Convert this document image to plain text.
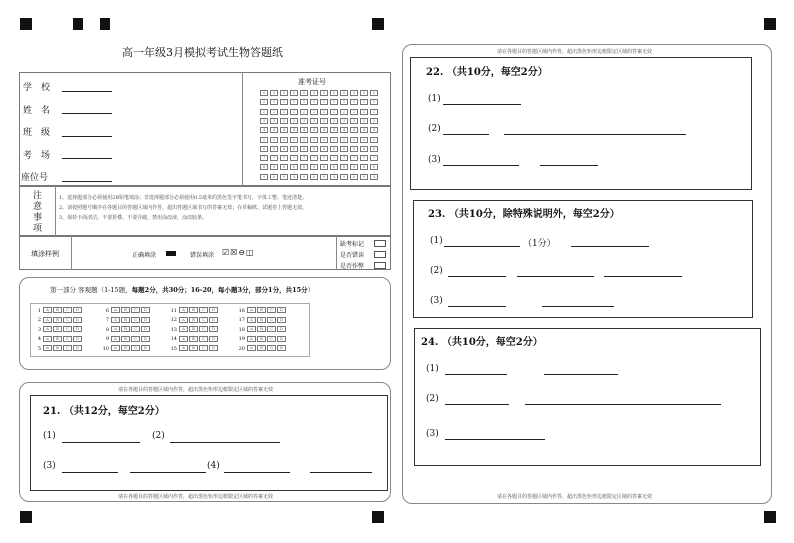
高一年级3月模拟考试生物答题纸
学　校
姓　名
班　级
考　场
座位号
准考证号
0	0	0	0	0	0	0	0	0	0	0	0
1	1	1	1	1	1	1	1	1	1	1	1
2	2	2	2	2	2	2	2	2	2	2	2
3	3	3	3	3	3	3	3	3	3	3	3
4	4	4	4	4	4	4	4	4	4	4	4
5	5	5	5	5	5	5	5	5	5	5	5
6	6	6	6	6	6	6	6	6	6	6	6
7	7	7	7	7	7	7	7	7	7	7	7
8	8	8	8	8	8	8	8	8	8	8	8
9	9	9	9	9	9	9	9	9	9	9	9
注
意
事
项
1、选择题部分必须使用2B铅笔填涂；非选择题部分必须使用0.5毫米的黑色签字笔书写，字体工整、笔迹清楚。
2、请按照题号顺序在各题目的答题区域内作答，超出答题区域书写的答案无效；在草稿纸、试题卷上答题无效。
3、保持卡面清洁，不要折叠、不要弄破，禁用涂改液，涂改胶条。
填涂样例	正确填涂	错误填涂 ☑☒⊖◫
缺考标记
是否错读
是否作弊
第一部分 客观题（1-15题，每题2分，共30分；16-20，每小题3分，部分1分，共15分）
1 A B C D
2 A B C D
3 A B C D
4 A B C D
5 A B C D
6 A B C D
7 A B C D
8 A B C D
9 A B C D
10 A B C D
11 A B C D
12 A B C D
13 A B C D
14 A B C D
15 A B C D
16 A B C D
17 A B C D
18 A B C D
19 A B C D
20 A B C D
请在各题目的答题区域内作答，超出黑色矩形边框限定区域的答案无效
21. （共12分，每空2分）
(1)	(2)
(3)	(4)
请在各题目的答题区域内作答，超出黑色矩形边框限定区域的答案无效
请在各题目的答题区域内作答，超出黑色矩形边框限定区域的答案无效
请在各题目的答题区域内作答，超出黑色矩形边框限定区域的答案无效
22. （共10分，每空2分）
(1)
(2)
(3)
23. （共10分，除特殊说明外，每空2分）
(1)	（1分）
(2)
(3)
24. （共10分，每空2分）
(1)
(2)
(3)
